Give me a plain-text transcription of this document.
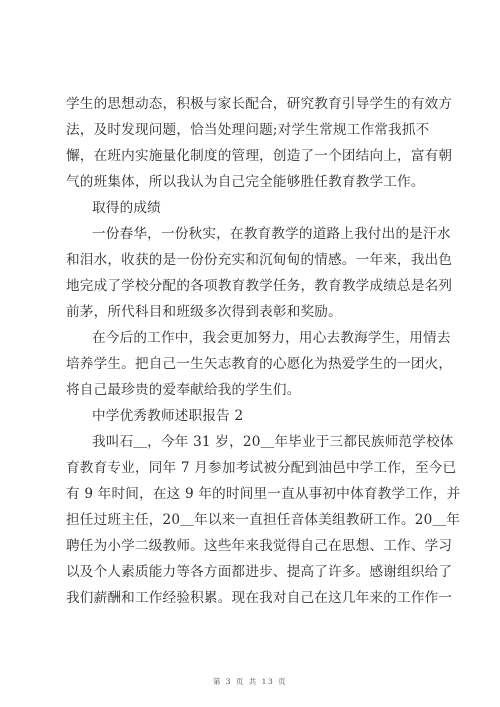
学生的思想动态，积极与家长配合，研究教育引导学生的有效方
法，及时发现问题，恰当处理问题;对学生常规工作常我抓不
懈，在班内实施量化制度的管理，创造了一个团结向上，富有朝
气的班集体，所以我认为自己完全能够胜任教育教学工作。
取得的成绩
一份春华，一份秋实，在教育教学的道路上我付出的是汗水
和泪水，收获的是一份份充实和沉甸甸的情感。一年来，我出色
地完成了学校分配的各项教育教学任务，教育教学成绩总是名列
前茅，所代科目和班级多次得到表彰和奖励。
在今后的工作中，我会更加努力，用心去教海学生，用情去
培养学生。把自己一生矢志教育的心愿化为热爱学生的一团火，
将自己最珍贵的爱奉献给我的学生们。
中学优秀教师述职报告 2
我叫石＿，今年 31 岁，20＿年毕业于三都民族师范学校体
育教育专业，同年 7 月参加考试被分配到油邑中学工作，至今已
有 9 年时间，在这 9 年的时间里一直从事初中体育教学工作，并
担任过班主任，20＿年以来一直担任音体美组教研工作。20＿年
聘任为小学二级教师。这些年来我觉得自己在思想、工作、学习
以及个人素质能力等各方面都进步、提高了许多。感谢组织给了
我们薪酬和工作经验积累。现在我对自己在这几年来的工作作一
第 3 页 共 13 页
